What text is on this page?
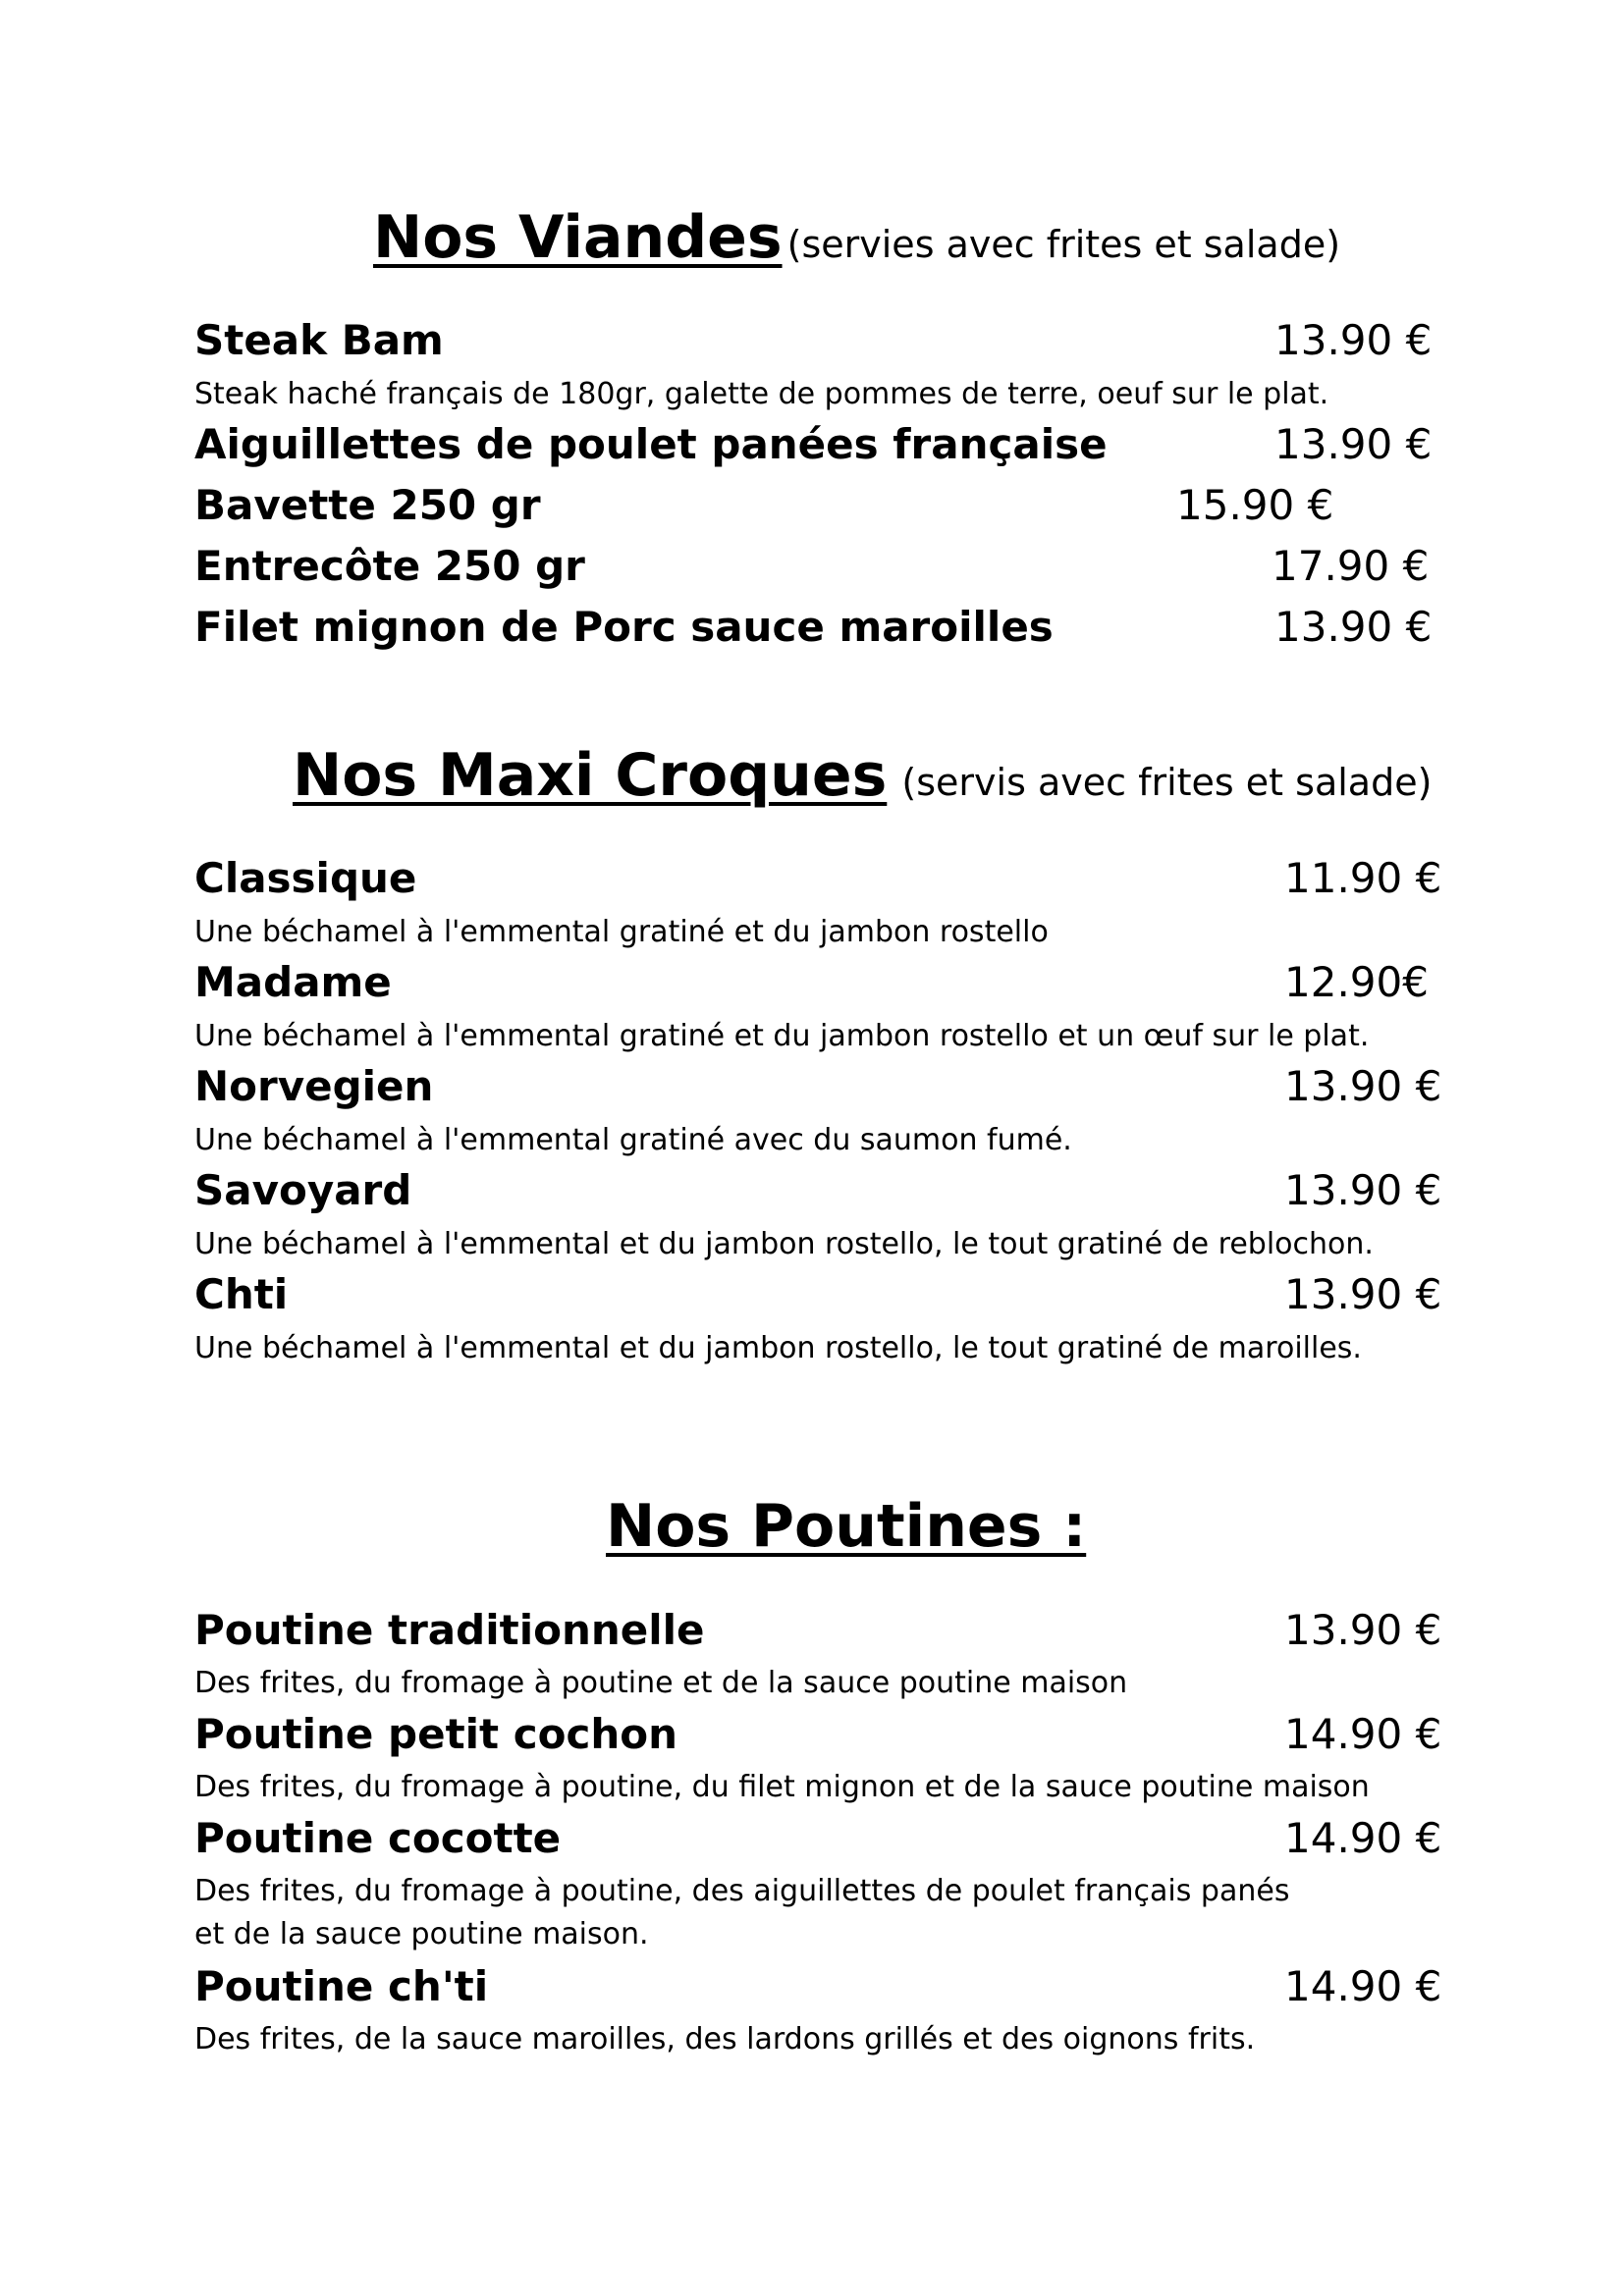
Nos Viandes (servies avec frites et salade)
Steak Bam	13.90 €
Steak haché français de 180gr, galette de pommes de terre, oeuf sur le plat.
Aiguillettes de poulet panées française	13.90 €
Bavette 250 gr	15.90 €
Entrecôte 250 gr	17.90 €
Filet mignon de Porc sauce maroilles	13.90 €
Nos Maxi Croques (servis avec frites et salade)
Classique	11.90 €
Une béchamel à l'emmental gratiné et du jambon rostello
Madame	12.90€
Une béchamel à l'emmental gratiné et du jambon rostello et un œuf sur le plat.
Norvegien	13.90 €
Une béchamel à l'emmental gratiné avec du saumon fumé.
Savoyard	13.90 €
Une béchamel à l'emmental et du jambon rostello, le tout gratiné de reblochon.
Chti	13.90 €
Une béchamel à l'emmental et du jambon rostello, le tout gratiné de maroilles.
Nos Poutines :
Poutine traditionnelle	13.90 €
Des frites, du fromage à poutine et de la sauce poutine maison
Poutine petit cochon	14.90 €
Des frites, du fromage à poutine, du filet mignon et de la sauce poutine maison
Poutine cocotte	14.90 €
Des frites, du fromage à poutine, des aiguillettes de poulet français panés
et de la sauce poutine maison.
Poutine ch'ti	14.90 €
Des frites, de la sauce maroilles, des lardons grillés et des oignons frits.
